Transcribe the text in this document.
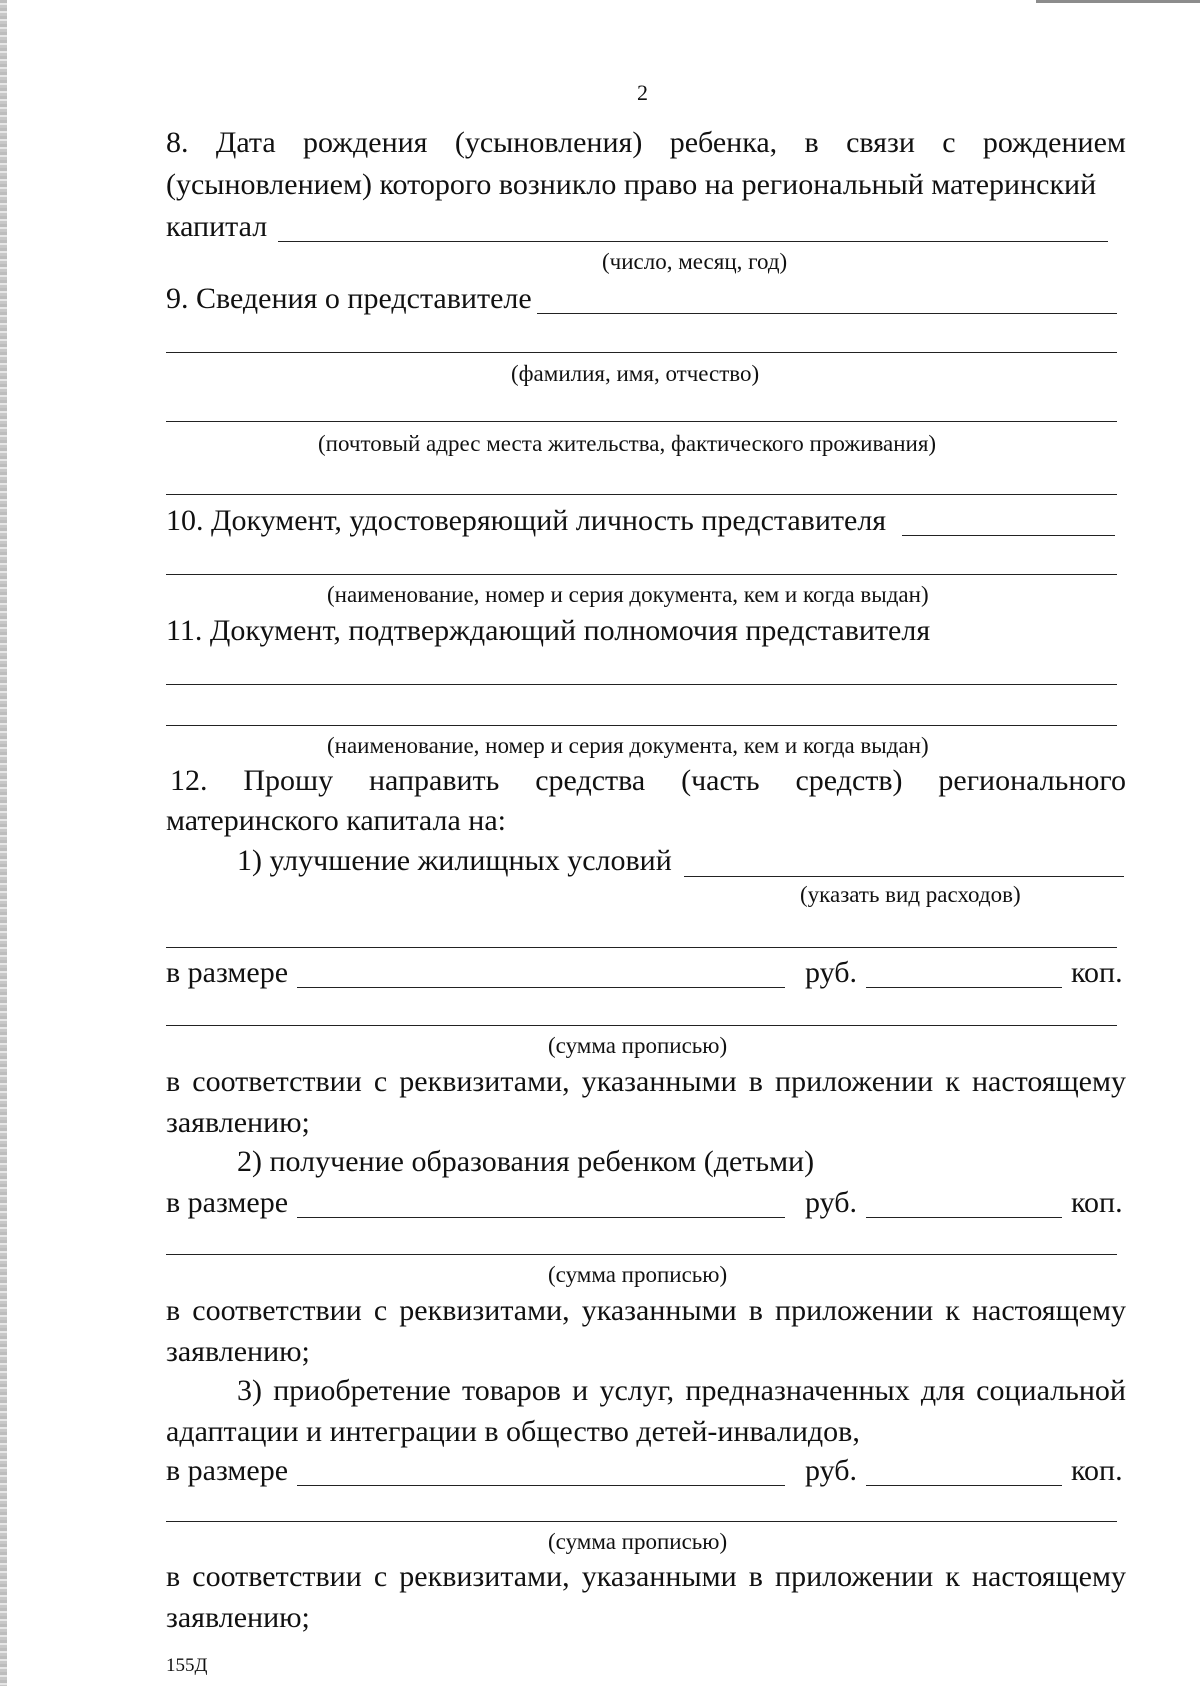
2
8. Дата рождения (усыновления) ребенка, в связи с рождением
(усыновлением) которого возникло право на региональный материнский
капитал
(число, месяц, год)
9. Сведения о представителе
(фамилия, имя, отчество)
(почтовый адрес места жительства, фактического проживания)
10. Документ, удостоверяющий личность представителя
(наименование, номер и серия документа, кем и когда выдан)
11. Документ, подтверждающий полномочия представителя
(наименование, номер и серия документа, кем и когда выдан)
12. Прошу направить средства (часть средств) регионального
материнского капитала на:
1) улучшение жилищных условий
(указать вид расходов)
в размере	руб.	коп.
(сумма прописью)
в соответствии с реквизитами, указанными в приложении к настоящему
заявлению;
2) получение образования ребенком (детьми)
в размере	руб.	коп.
(сумма прописью)
в соответствии с реквизитами, указанными в приложении к настоящему
заявлению;
3) приобретение товаров и услуг, предназначенных для социальной
адаптации и интеграции в общество детей-инвалидов,
в размере	руб.	коп.
(сумма прописью)
в соответствии с реквизитами, указанными в приложении к настоящему
заявлению;
155Д
